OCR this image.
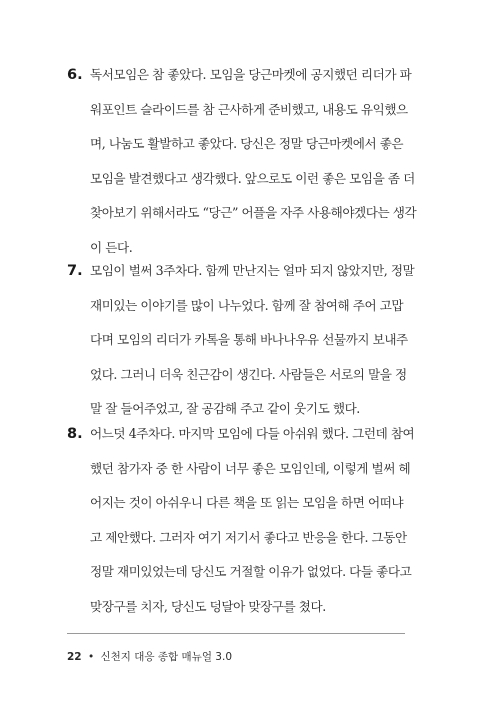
6. 독서모임은 참 좋았다. 모임을 당근마켓에 공지했던 리더가 파
워포인트 슬라이드를 참 근사하게 준비했고, 내용도 유익했으
며, 나눔도 활발하고 좋았다. 당신은 정말 당근마켓에서 좋은
모임을 발견했다고 생각했다. 앞으로도 이런 좋은 모임을 좀 더
찾아보기 위해서라도 “당근” 어플을 자주 사용해야겠다는 생각
이 든다.
7. 모임이 벌써 3주차다. 함께 만난지는 얼마 되지 않았지만, 정말
재미있는 이야기를 많이 나누었다. 함께 잘 참여해 주어 고맙
다며 모임의 리더가 카톡을 통해 바나나우유 선물까지 보내주
었다. 그러니 더욱 친근감이 생긴다. 사람들은 서로의 말을 정
말 잘 들어주었고, 잘 공감해 주고 같이 웃기도 했다.
8. 어느덧 4주차다. 마지막 모임에 다들 아쉬워 했다. 그런데 참여
했던 참가자 중 한 사람이 너무 좋은 모임인데, 이렇게 벌써 헤
어지는 것이 아쉬우니 다른 책을 또 읽는 모임을 하면 어떠냐
고 제안했다. 그러자 여기 저기서 좋다고 반응을 한다. 그동안
정말 재미있었는데 당신도 거절할 이유가 없었다. 다들 좋다고
맞장구를 치자, 당신도 덩달아 맞장구를 쳤다.
22 • 신천지 대응 종합 매뉴얼 3.0
